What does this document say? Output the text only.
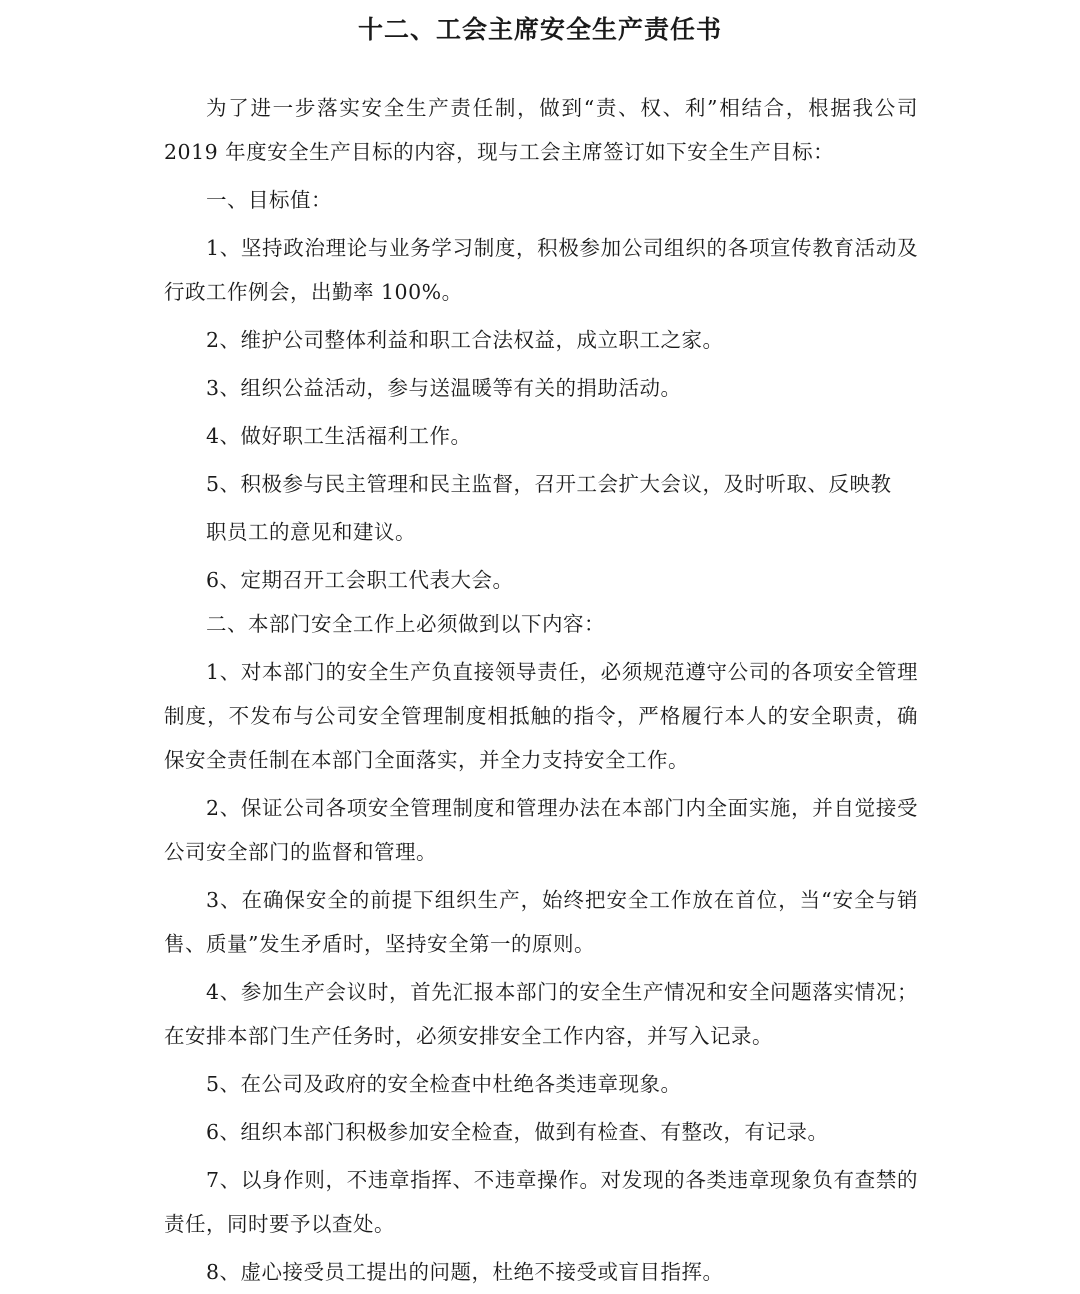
十二、工会主席安全生产责任书

为了进一步落实安全生产责任制，做到“责、权、利”相结合，根据我公司2019 年度安全生产目标的内容，现与工会主席签订如下安全生产目标：

一、目标值：

1、坚持政治理论与业务学习制度，积极参加公司组织的各项宣传教育活动及行政工作例会，出勤率 100%。

2、维护公司整体利益和职工合法权益，成立职工之家。

3、组织公益活动，参与送温暖等有关的捐助活动。

4、做好职工生活福利工作。

5、积极参与民主管理和民主监督，召开工会扩大会议，及时听取、反映教

职员工的意见和建议。

6、定期召开工会职工代表大会。

二、本部门安全工作上必须做到以下内容：

1、对本部门的安全生产负直接领导责任，必须规范遵守公司的各项安全管理制度，不发布与公司安全管理制度相抵触的指令，严格履行本人的安全职责，确保安全责任制在本部门全面落实，并全力支持安全工作。

2、保证公司各项安全管理制度和管理办法在本部门内全面实施，并自觉接受公司安全部门的监督和管理。

3、在确保安全的前提下组织生产，始终把安全工作放在首位，当“安全与销售、质量”发生矛盾时，坚持安全第一的原则。

4、参加生产会议时，首先汇报本部门的安全生产情况和安全问题落实情况；在安排本部门生产任务时，必须安排安全工作内容，并写入记录。

5、在公司及政府的安全检查中杜绝各类违章现象。

6、组织本部门积极参加安全检查，做到有检查、有整改，有记录。

7、以身作则，不违章指挥、不违章操作。对发现的各类违章现象负有查禁的责任，同时要予以查处。

8、虚心接受员工提出的问题，杜绝不接受或盲目指挥。
